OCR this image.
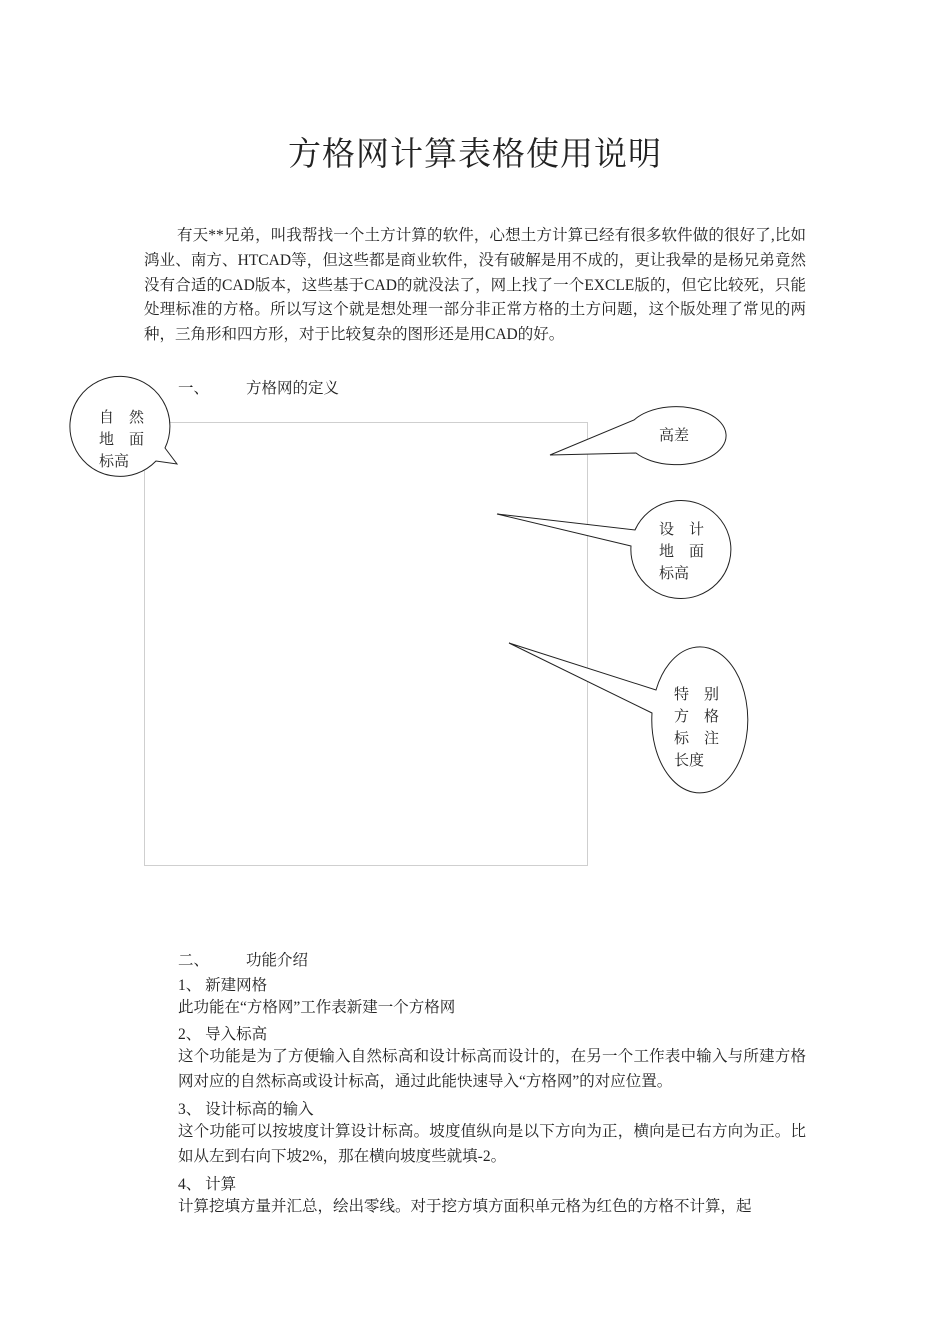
方格网计算表格使用说明
有天**兄弟，叫我帮找一个土方计算的软件，心想土方计算已经有很多软件做的很好了,比如鸿业、南方、HTCAD等，但这些都是商业软件，没有破解是用不成的，更让我晕的是杨兄弟竟然没有合适的CAD版本，这些基于CAD的就没法了，网上找了一个EXCLE版的，但它比较死，只能处理标准的方格。所以写这个就是想处理一部分非正常方格的土方问题，这个版处理了常见的两种，三角形和四方形，对于比较复杂的图形还是用CAD的好。
一、 方格网的定义
自　然
地　面
标高
高差
设　计
地　面
标高
特　别
方　格
标　注
长度
二、 功能介绍
1、 新建网格
此功能在“方格网”工作表新建一个方格网
2、 导入标高
这个功能是为了方便输入自然标高和设计标高而设计的，在另一个工作表中输入与所建方格网对应的自然标高或设计标高，通过此能快速导入“方格网”的对应位置。
3、 设计标高的输入
这个功能可以按坡度计算设计标高。坡度值纵向是以下方向为正，横向是已右方向为正。比如从左到右向下坡2%，那在横向坡度些就填-2。
4、 计算
计算挖填方量并汇总，绘出零线。对于挖方填方面积单元格为红色的方格不计算，起
